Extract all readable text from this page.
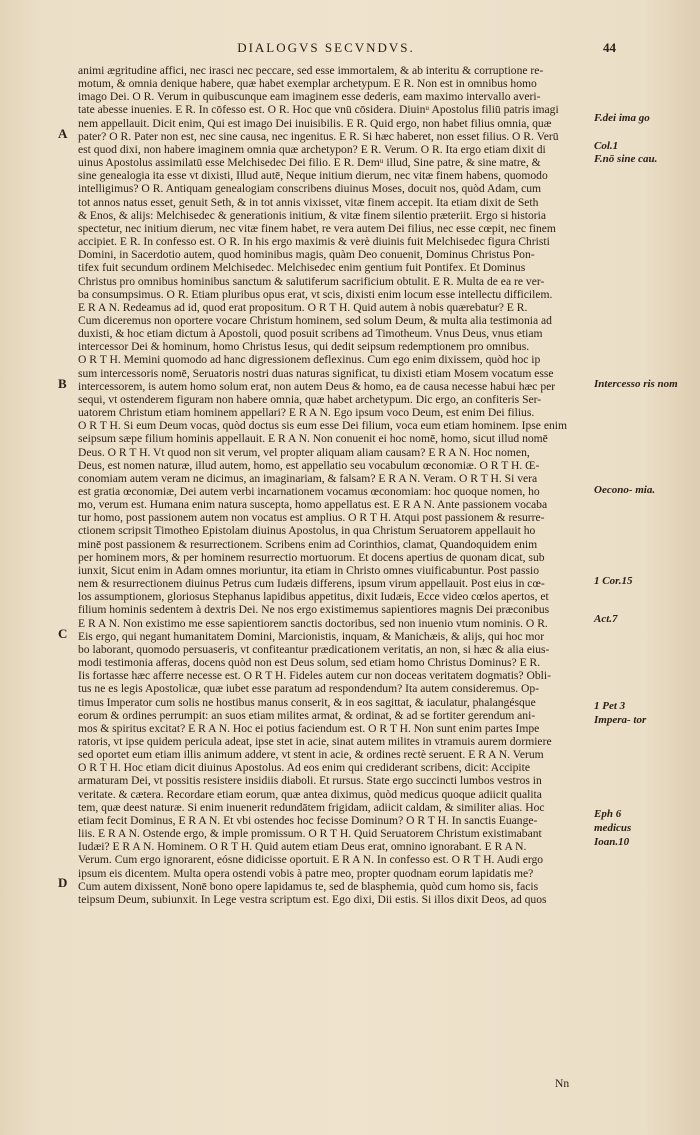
DIALOGVS SECVNDVS.	44
animi ægritudine affici, nec irasci nec peccare, sed esse immortalem, & ab interitu & corruptione re-
motum, & omnia denique habere, quæ habet exemplar archetypum. E R. Non est in omnibus homo
imago Dei. O R. Verum in quibuscunque eam imaginem esse dederis, eam maximo intervallo averi-
tate abesse inuenies. E R. In cōfesso est. O R. Hoc que vnū cōsidera. Diuinᵘ Apostolus filiū patris imagi
nem appellauit. Dicit enim, Qui est imago Dei inuisibilis. E R. Quid ergo, non habet filius omnia, quæ
pater? O R. Pater non est, nec sine causa, nec ingenitus. E R. Si hæc haberet, non esset filius. O R. Verū
est quod dixi, non habere imaginem omnia quæ archetypon? E R. Verum. O R. Ita ergo etiam dixit di
uinus Apostolus assimilatū esse Melchisedec Dei filio. E R. Demᵘ illud, Sine patre, & sine matre, &
sine genealogia ita esse vt dixisti, Illud autē, Neque initium dierum, nec vitæ finem habens, quomodo
intelligimus? O R. Antiquam genealogiam conscribens diuinus Moses, docuit nos, quòd Adam, cum
tot annos natus esset, genuit Seth, & in tot annis vixisset, vitæ finem accepit. Ita etiam dixit de Seth
& Enos, & alijs: Melchisedec & generationis initium, & vitæ finem silentio præteriit. Ergo si historia
spectetur, nec initium dierum, nec vitæ finem habet, re vera autem Dei filius, nec esse cœpit, nec finem
accipiet. E R. In confesso est. O R. In his ergo maximis & verè diuinis fuit Melchisedec figura Christi
Domini, in Sacerdotio autem, quod hominibus magis, quàm Deo conuenit, Dominus Christus Pon-
tifex fuit secundum ordinem Melchisedec. Melchisedec enim gentium fuit Pontifex. Et Dominus
Christus pro omnibus hominibus sanctum & salutiferum sacrificium obtulit. E R. Multa de ea re ver-
ba consumpsimus. O R. Etiam pluribus opus erat, vt scis, dixisti enim locum esse intellectu difficilem.
E R A N. Redeamus ad id, quod erat propositum. O R T H. Quid autem à nobis quærebatur? E R.
Cum diceremus non oportere vocare Christum hominem, sed solum Deum, & multa alia testimonia ad
duxisti, & hoc etiam dictum à Apostoli, quod posuit scribens ad Timotheum. Vnus Deus, vnus etiam
intercessor Dei & hominum, homo Christus Iesus, qui dedit seipsum redemptionem pro omnibus.
O R T H. Memini quomodo ad hanc digressionem deflexinus. Cum ego enim dixissem, quòd hoc ip
sum intercessoris nomē, Seruatoris nostri duas naturas significat, tu dixisti etiam Mosem vocatum esse
intercessorem, is autem homo solum erat, non autem Deus & homo, ea de causa necesse habui hæc per
sequi, vt ostenderem figuram non habere omnia, quæ habet archetypum. Dic ergo, an confiteris Ser-
uatorem Christum etiam hominem appellari? E R A N. Ego ipsum voco Deum, est enim Dei filius.
O R T H. Si eum Deum vocas, quòd doctus sis eum esse Dei filium, voca eum etiam hominem. Ipse enim
seipsum sæpe filium hominis appellauit. E R A N. Non conuenit ei hoc nomē, homo, sicut illud nomē
Deus. O R T H. Vt quod non sit verum, vel propter aliquam aliam causam? E R A N. Hoc nomen,
Deus, est nomen naturæ, illud autem, homo, est appellatio seu vocabulum œconomiæ. O R T H. Œ-
conomiam autem veram ne dicimus, an imaginariam, & falsam? E R A N. Veram. O R T H. Si vera
est gratia œconomiæ, Dei autem verbi incarnationem vocamus œconomiam: hoc quoque nomen, ho
mo, verum est. Humana enim natura suscepta, homo appellatus est. E R A N. Ante passionem vocaba
tur homo, post passionem autem non vocatus est amplius. O R T H. Atqui post passionem & resurre-
ctionem scripsit Timotheo Epistolam diuinus Apostolus, in qua Christum Seruatorem appellauit ho
minē post passionem & resurrectionem. Scribens enim ad Corinthios, clamat, Quandoquidem enim
per hominem mors, & per hominem resurrectio mortuorum. Et docens apertius de quonam dicat, sub
iunxit, Sicut enim in Adam omnes moriuntur, ita etiam in Christo omnes viuificabuntur. Post passio
nem & resurrectionem diuinus Petrus cum Iudæis differens, ipsum virum appellauit. Post eius in cœ-
los assumptionem, gloriosus Stephanus lapidibus appetitus, dixit Iudæis, Ecce video cœlos apertos, et
filium hominis sedentem à dextris Dei. Ne nos ergo existimemus sapientiores magnis Dei præconibus
E R A N. Non existimo me esse sapientiorem sanctis doctoribus, sed non inuenio vtum nominis. O R.
Eis ergo, qui negant humanitatem Domini, Marcionistis, inquam, & Manichæis, & alijs, qui hoc mor
bo laborant, quomodo persuaseris, vt confiteantur prædicationem veritatis, an non, si hæc & alia eius-
modi testimonia afferas, docens quòd non est Deus solum, sed etiam homo Christus Dominus? E R.
Iis fortasse hæc afferre necesse est. O R T H. Fideles autem cur non doceas veritatem dogmatis? Obli-
tus ne es legis Apostolicæ, quæ iubet esse paratum ad respondendum? Ita autem consideremus. Op-
timus Imperator cum solis ne hostibus manus conserit, & in eos sagittat, & iaculatur, phalangésque
eorum & ordines perrumpit: an suos etiam milites armat, & ordinat, & ad se fortiter gerendum ani-
mos & spiritus excitat? E R A N. Hoc ei potius faciendum est. O R T H. Non sunt enim partes Impe
ratoris, vt ipse quidem pericula adeat, ipse stet in acie, sinat autem milites in vtramuis aurem dormiere
sed oportet eum etiam illis animum addere, vt stent in acie, & ordines rectè seruent. E R A N. Verum
O R T H. Hoc etiam dicit diuinus Apostolus. Ad eos enim qui crediderant scribens, dicit: Accipite
armaturam Dei, vt possitis resistere insidiis diaboli. Et rursus. State ergo succincti lumbos vestros in
veritate. & cætera. Recordare etiam eorum, quæ antea diximus, quòd medicus quoque adiicit qualita
tem, quæ deest naturæ. Si enim inuenerit redundātem frigidam, adiicit caldam, & similiter alias. Hoc
etiam fecit Dominus, E R A N. Et vbi ostendes hoc fecisse Dominum? O R T H. In sanctis Euange-
liis. E R A N. Ostende ergo, & imple promissum. O R T H. Quid Seruatorem Christum existimabant
Iudæi? E R A N. Hominem. O R T H. Quid autem etiam Deus erat, omnino ignorabant. E R A N.
Verum. Cum ergo ignorarent, eósne didicisse oportuit. E R A N. In confesso est. O R T H. Audi ergo
ipsum eis dicentem. Multa opera ostendi vobis à patre meo, propter quodnam eorum lapidatis me?
Cum autem dixissent, Nonē bono opere lapidamus te, sed de blasphemia, quòd cum homo sis, facis
teipsum Deum, subiunxit. In Lege vestra scriptum est. Ego dixi, Dii estis. Si illos dixit Deos, ad quos
A
B
C
D
F.dei ima go
Col.1
F.nō sine cau.
Intercesso ris nom
Oecono- mia.
1 Cor.15
Act.7
1 Pet 3
Impera- tor
Eph 6
medicus
Ioan.10
Nn
